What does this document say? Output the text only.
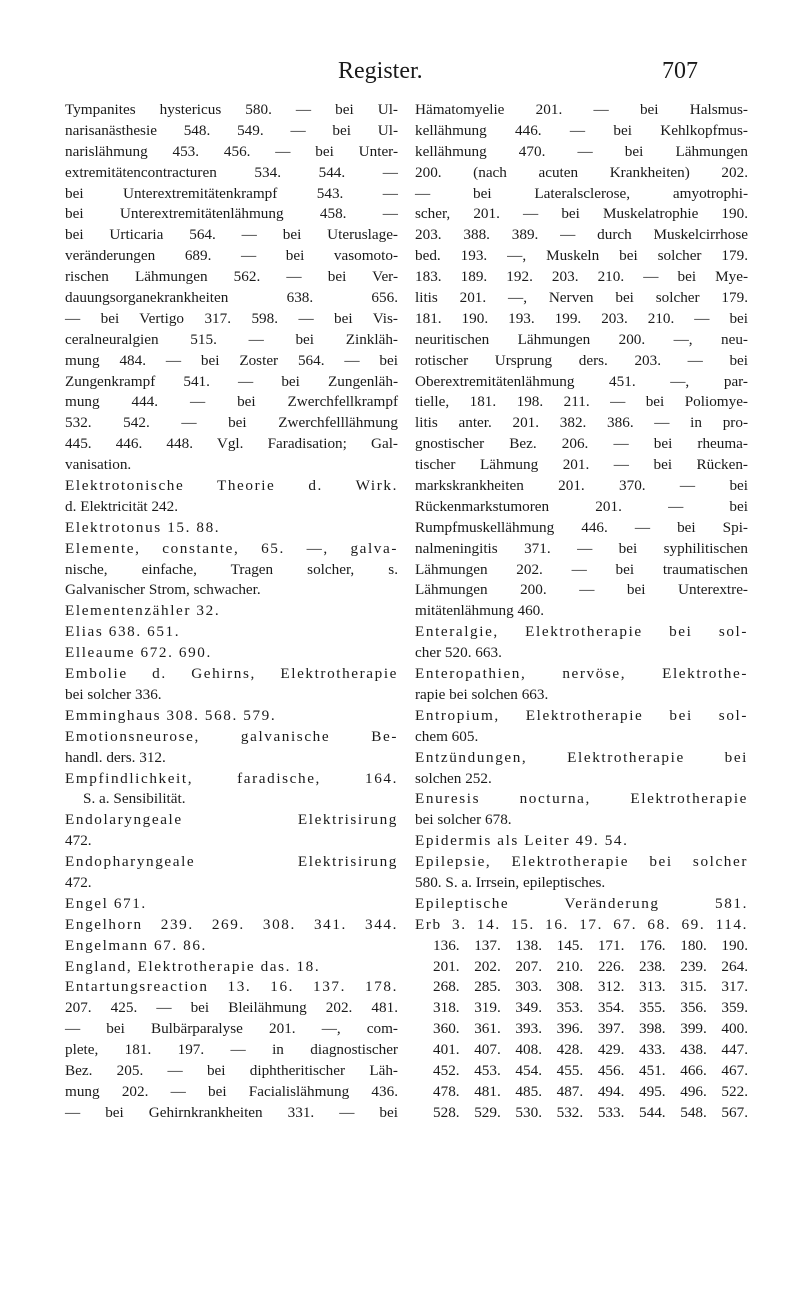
Register.	707
Tympanites hystericus 580. — bei Ul-
narisanästhesie 548. 549. — bei Ul-
narislähmung 453. 456. — bei Unter-
extremitätencontracturen 534. 544. —
bei Unterextremitätenkrampf 543. —
bei Unterextremitätenlähmung 458. —
bei Urticaria 564. — bei Uteruslage-
veränderungen 689. — bei vasomoto-
rischen Lähmungen 562. — bei Ver-
dauungsorganekrankheiten 638. 656.
— bei Vertigo 317. 598. — bei Vis-
ceralneuralgien 515. — bei Zinkläh-
mung 484. — bei Zoster 564. — bei
Zungenkrampf 541. — bei Zungenläh-
mung 444. — bei Zwerchfellkrampf
532. 542. — bei Zwerchfelllähmung
445. 446. 448. Vgl. Faradisation; Gal-
vanisation.
Elektrotonische Theorie d. Wirk.
d. Elektricität 242.
Elektrotonus 15. 88.
Elemente, constante, 65. —, galva-
nische, einfache, Tragen solcher, s.
Galvanischer Strom, schwacher.
Elementenzähler 32.
Elias 638. 651.
Elleaume 672. 690.
Embolie d. Gehirns, Elektrotherapie
bei solcher 336.
Emminghaus 308. 568. 579.
Emotionsneurose, galvanische Be-
handl. ders. 312.
Empfindlichkeit, faradische, 164.
S. a. Sensibilität.
Endolaryngeale Elektrisirung
472.
Endopharyngeale Elektrisirung
472.
Engel 671.
Engelhorn 239. 269. 308. 341. 344.
Engelmann 67. 86.
England, Elektrotherapie das. 18.
Entartungsreaction 13. 16. 137. 178.
207. 425. — bei Bleilähmung 202. 481.
— bei Bulbärparalyse 201. —, com-
plete, 181. 197. — in diagnostischer
Bez. 205. — bei diphtheritischer Läh-
mung 202. — bei Facialislähmung 436.
— bei Gehirnkrankheiten 331. — bei
Hämatomyelie 201. — bei Halsmus-
kellähmung 446. — bei Kehlkopfmus-
kellähmung 470. — bei Lähmungen
200. (nach acuten Krankheiten) 202.
— bei Lateralsclerose, amyotrophi-
scher, 201. — bei Muskelatrophie 190.
203. 388. 389. — durch Muskelcirrhose
bed. 193. —, Muskeln bei solcher 179.
183. 189. 192. 203. 210. — bei Mye-
litis 201. —, Nerven bei solcher 179.
181. 190. 193. 199. 203. 210. — bei
neuritischen Lähmungen 200. —, neu-
rotischer Ursprung ders. 203. — bei
Oberextremitätenlähmung 451. —, par-
tielle, 181. 198. 211. — bei Poliomye-
litis anter. 201. 382. 386. — in pro-
gnostischer Bez. 206. — bei rheuma-
tischer Lähmung 201. — bei Rücken-
markskrankheiten 201. 370. — bei
Rückenmarkstumoren 201. — bei
Rumpfmuskellähmung 446. — bei Spi-
nalmeningitis 371. — bei syphilitischen
Lähmungen 202. — bei traumatischen
Lähmungen 200. — bei Unterextre-
mitätenlähmung 460.
Enteralgie, Elektrotherapie bei sol-
cher 520. 663.
Enteropathien, nervöse, Elektrothe-
rapie bei solchen 663.
Entropium, Elektrotherapie bei sol-
chem 605.
Entzündungen, Elektrotherapie bei
solchen 252.
Enuresis nocturna, Elektrotherapie
bei solcher 678.
Epidermis als Leiter 49. 54.
Epilepsie, Elektrotherapie bei solcher
580. S. a. Irrsein, epileptisches.
Epileptische Veränderung 581.
Erb 3. 14. 15. 16. 17. 67. 68. 69. 114.
136. 137. 138. 145. 171. 176. 180. 190.
201. 202. 207. 210. 226. 238. 239. 264.
268. 285. 303. 308. 312. 313. 315. 317.
318. 319. 349. 353. 354. 355. 356. 359.
360. 361. 393. 396. 397. 398. 399. 400.
401. 407. 408. 428. 429. 433. 438. 447.
452. 453. 454. 455. 456. 451. 466. 467.
478. 481. 485. 487. 494. 495. 496. 522.
528. 529. 530. 532. 533. 544. 548. 567.
